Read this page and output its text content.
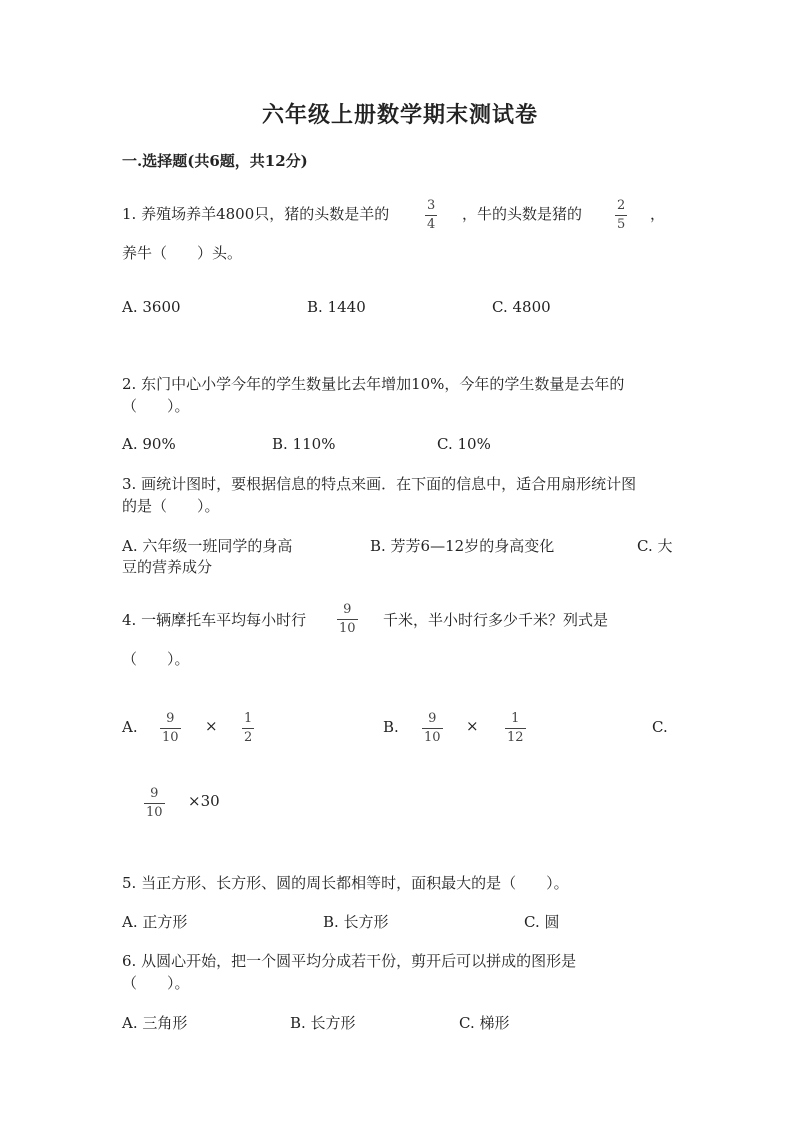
六年级上册数学期末测试卷
一.选择题(共6题，共12分)
1. 养殖场养羊4800只，猪的头数是羊的	3
4
，牛的头数是猪的	2
5
，
养牛（　　）头。
A. 3600	B. 1440	C. 4800
2. 东门中心小学今年的学生数量比去年增加10%，今年的学生数量是去年的
（　　）。
A. 90%	B. 110%	C. 10%
3. 画统计图时，要根据信息的特点来画．在下面的信息中，适合用扇形统计图
的是（　　）。
A. 六年级一班同学的身高	B. 芳芳6—12岁的身高变化	C. 大
豆的营养成分
4. 一辆摩托车平均每小时行
9
10 千米，半小时行多少千米？列式是
（　　）。
A. 9
10
× 1
2
B. 9
10
×	1
12
C.
9
10
×30
5. 当正方形、长方形、圆的周长都相等时，面积最大的是（　　）。
A. 正方形	B. 长方形	C. 圆
6. 从圆心开始，把一个圆平均分成若干份，剪开后可以拼成的图形是
（　　）。
A. 三角形	B. 长方形	C. 梯形
